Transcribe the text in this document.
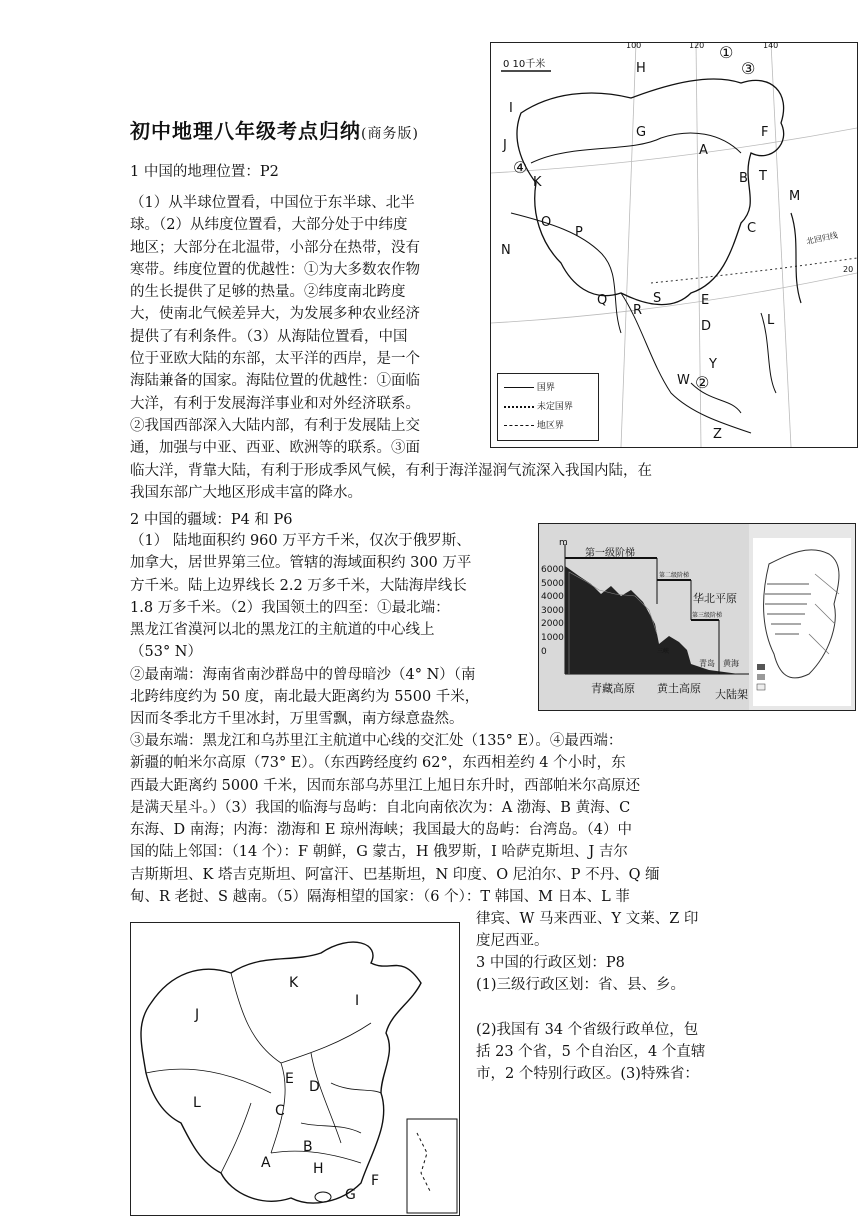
初中地理八年级考点归纳(商务版)
1 中国的地理位置：P2
（1）从半球位置看，中国位于东半球、北半
球。（2）从纬度位置看，大部分处于中纬度
地区；大部分在北温带，小部分在热带，没有
寒带。纬度位置的优越性：①为大多数农作物
的生长提供了足够的热量。②纬度南北跨度
大，使南北气候差异大，为发展多种农业经济
提供了有利条件。（3）从海陆位置看，中国
位于亚欧大陆的东部，太平洋的西岸，是一个
海陆兼备的国家。海陆位置的优越性：①面临
大洋，有利于发展海洋事业和对外经济联系。
②我国西部深入大陆内部，有利于发展陆上交
通，加强与中亚、西亚、欧洲等的联系。③面
临大洋，背靠大陆，有利于形成季风气候，有利于海洋湿润气流深入我国内陆，在
我国东部广大地区形成丰富的降水。
2 中国的疆域：P4 和 P6
（1） 陆地面积约 960 万平方千米，仅次于俄罗斯、
加拿大，居世界第三位。管辖的海域面积约 300 万平
方千米。陆上边界线长 2.2 万多千米，大陆海岸线长
1.8 万多千米。（2）我国领土的四至：①最北端：
黑龙江省漠河以北的黑龙江的主航道的中心线上
（53° N）
②最南端：海南省南沙群岛中的曾母暗沙（4° N）（南
北跨纬度约为 50 度，南北最大距离约为 5500 千米，
因而冬季北方千里冰封，万里雪飘，南方绿意盎然。
③最东端：黑龙江和乌苏里江主航道中心线的交汇处（135° E）。④最西端：
新疆的帕米尔高原（73° E）。（东西跨经度约 62°，东西相差约 4 个小时，东
西最大距离约 5000 千米，因而东部乌苏里江上旭日东升时，西部帕米尔高原还
是满天星斗。）（3）我国的临海与岛屿：自北向南依次为：A 渤海、B 黄海、C
东海、D 南海；内海：渤海和 E 琼州海峡；我国最大的岛屿：台湾岛。（4）中
国的陆上邻国：（14 个）：F 朝鲜，G 蒙古，H 俄罗斯，I 哈萨克斯坦、J 吉尔
吉斯斯坦、K 塔吉克斯坦、阿富汗、巴基斯坦，N 印度、O 尼泊尔、P 不丹、Q 缅
甸、R 老挝、S 越南。（5）隔海相望的国家：（6 个）：T 韩国、M 日本、L 菲
律宾、W 马来西亚、Y 文莱、Z 印
度尼西亚。
3 中国的行政区划：P8
(1)三级行政区划：省、县、乡。

(2)我国有 34 个省级行政单位，包
括 23 个省，5 个自治区，4 个直辖
市，2 个特别行政区。(3)特殊省：
0 10千米
100	120	140
20
北回归线
H
I
J
K
G
A
B T
F
M
N
O
P	C
Q
R
S	E
D	L
Y
W
Z
①
②
③
④
国界
未定国界
地区界
6000
5000
4000
3000
2000
1000
0
m
第一级阶梯
第二级阶梯
第三级阶梯
华北平原
青藏高原 黄土高原 大陆架
青岛 黄海
三峡
K
J
I
E D
L	C
B
A	H
G
F
